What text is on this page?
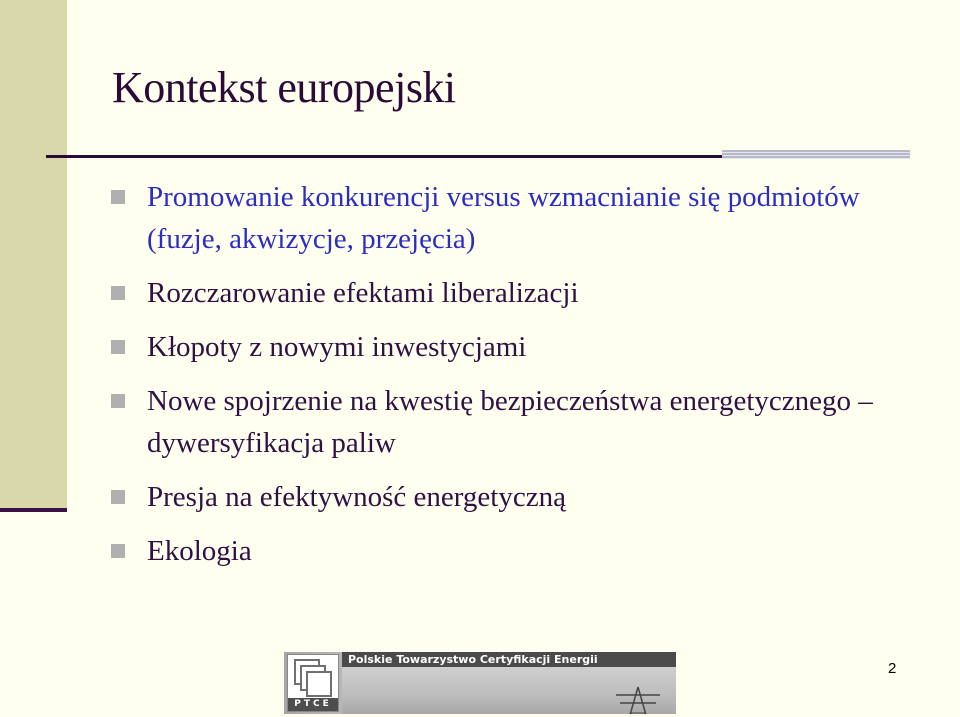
Kontekst europejski
Promowanie konkurencji versus wzmacnianie się podmiotów (fuzje, akwizycje, przejęcia)
Rozczarowanie efektami liberalizacji
Kłopoty z nowymi inwestycjami
Nowe spojrzenie na kwestię bezpieczeństwa energetycznego – dywersyfikacja paliw
Presja na efektywność energetyczną
Ekologia
PTCE
Polskie Towarzystwo Certyfikacji Energii
2
